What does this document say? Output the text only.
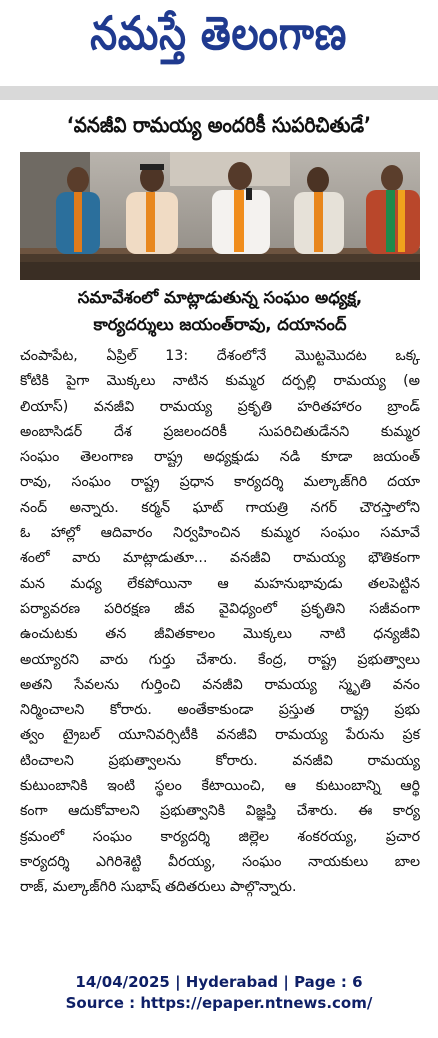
నమస్తే తెలంగాణ
‘వనజీవి రామయ్య అందరికీ సుపరిచితుడే’
సమావేశంలో మాట్లాడుతున్న సంఘం అధ్యక్ష,
కార్యదర్శులు జయంత్‌రావు, దయానంద్
చంపాపేట, ఏప్రిల్ 13: దేశంలోనే మొట్టమొదట ఒక్క
కోటికి పైగా మొక్కలు నాటిన కుమ్మర దర్పల్లి రామయ్య (అ
లియాస్) వనజీవి రామయ్య ప్రకృతి హరితహారం బ్రాండ్
అంబాసిడర్ దేశ ప్రజలందరికీ సుపరిచితుడేనని కుమ్మర
సంఘం తెలంగాణ రాష్ట్ర అధ్యక్షుడు నడి కూడా జయంత్
రావు, సంఘం రాష్ట్ర ప్రధాన కార్యదర్శి మల్కాజ్‌గిరి దయా
నంద్ అన్నారు. కర్మన్ ఘాట్ గాయత్రి నగర్ చౌరస్తాలోని
ఓ హాల్లో ఆదివారం నిర్వహించిన కుమ్మర సంఘం సమావే
శంలో వారు మాట్లాడుతూ... వనజీవి రామయ్య భౌతికంగా
మన మధ్య లేకపోయినా ఆ మహనుభావుడు తలపెట్టిన
పర్యావరణ పరిరక్షణ జీవ వైవిధ్యంలో ప్రకృతిని సజీవంగా
ఉంచుటకు తన జీవితకాలం మొక్కలు నాటి ధన్యజీవి
అయ్యారని వారు గుర్తు చేశారు. కేంద్ర, రాష్ట్ర ప్రభుత్వాలు
అతని సేవలను గుర్తించి వనజీవి రామయ్య స్మృతి వనం
నిర్మించాలని కోరారు. అంతేకాకుండా ప్రస్తుత రాష్ట్ర ప్రభు
త్వం ట్రైబల్ యూనివర్సిటీకి వనజీవి రామయ్య పేరును ప్రక
టించాలని ప్రభుత్వాలను కోరారు. వనజీవి రామయ్య
కుటుంబానికి ఇంటి స్థలం కేటాయించి, ఆ కుటుంబాన్ని ఆర్థి
కంగా ఆదుకోవాలని ప్రభుత్వానికి విజ్ఞప్తి చేశారు. ఈ కార్య
క్రమంలో సంఘం కార్యదర్శి జిల్లెల శంకరయ్య, ప్రచార
కార్యదర్శి ఎగిరిశెట్టి వీరయ్య, సంఘం నాయకులు బాల
రాజ్, మల్కాజ్‌గిరి సుభాష్ తదితరులు పాల్గొన్నారు.
14/04/2025 | Hyderabad | Page : 6
Source : https://epaper.ntnews.com/
